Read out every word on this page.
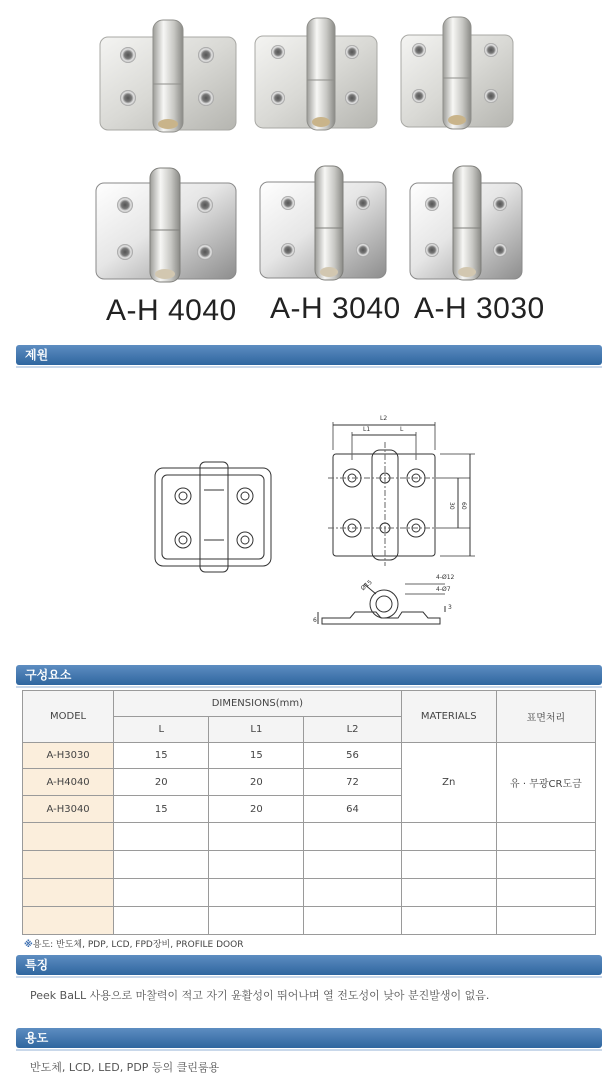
A-H 4040 A-H 3040 A-H 3030
제원
L2
L1	L
30 60
4-Ø12
4-Ø7
Ø15
3
6
구성요소
MODEL	DIMENSIONS(mm)			MATERIALS	표면처리
	L	L1	L2		
A-H3030	15	15	56	Zn	유 · 무광CR도금
A-H4040	20	20	72		
A-H3040	15	20	64		

※용도: 반도체, PDP, LCD, FPD장비, PROFILE DOOR
특징
Peek BaLL 사용으로 마찰력이 적고 자기 윤활성이 뛰어나며 열 전도성이 낮아 분진발생이 없음.
용도
반도체, LCD, LED, PDP 등의 클린룸용
